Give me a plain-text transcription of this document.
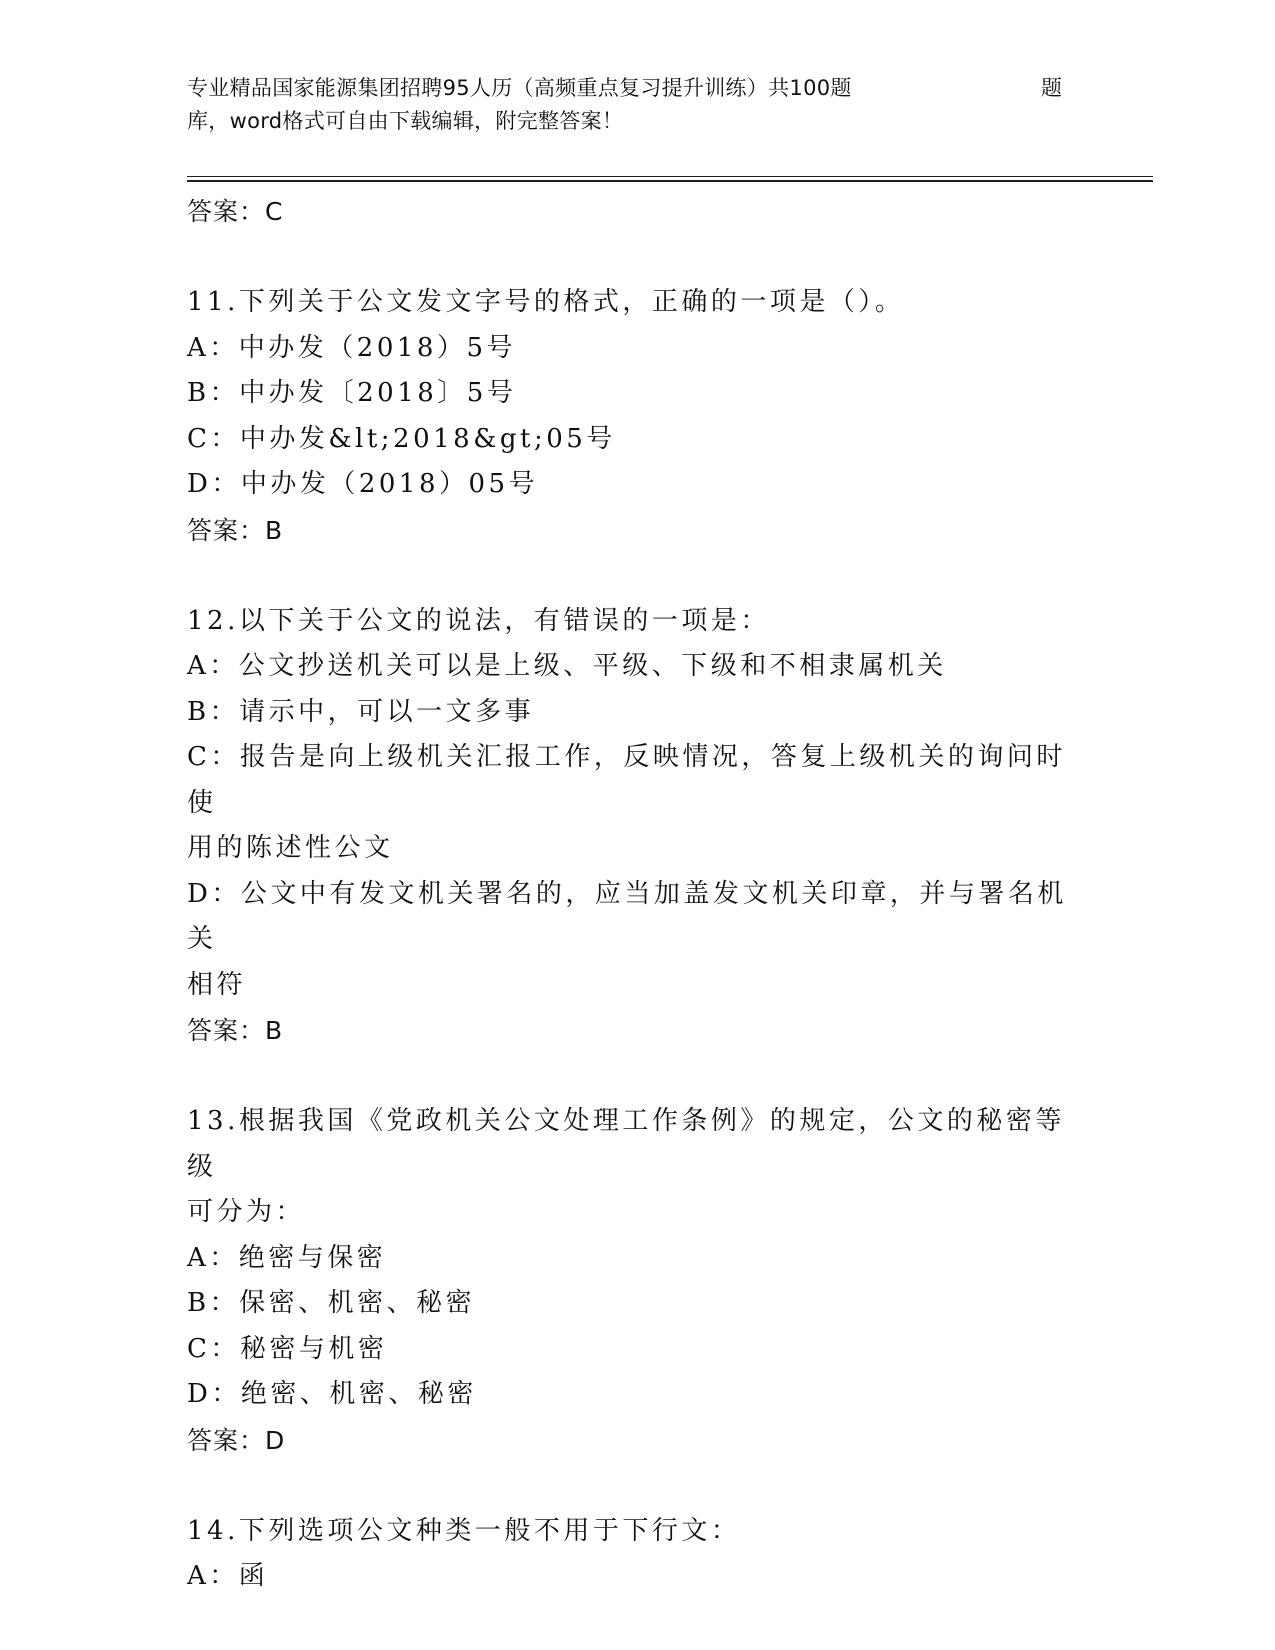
专业精品国家能源集团招聘95人历（高频重点复习提升训练）共100题	题
库，word格式可自由下载编辑，附完整答案！
答案：C
11.下列关于公文发文字号的格式，正确的一项是（）。
A：中办发（2018）5号
B：中办发〔2018〕5号
C：中办发&lt;2018&gt;05号
D：中办发（2018）05号
答案：B
12.以下关于公文的说法，有错误的一项是：
A：公文抄送机关可以是上级、平级、下级和不相隶属机关
B：请示中，可以一文多事
C：报告是向上级机关汇报工作，反映情况，答复上级机关的询问时使
用的陈述性公文
D：公文中有发文机关署名的，应当加盖发文机关印章，并与署名机关
相符
答案：B
13.根据我国《党政机关公文处理工作条例》的规定，公文的秘密等级
可分为：
A：绝密与保密
B：保密、机密、秘密
C：秘密与机密
D：绝密、机密、秘密
答案：D
14.下列选项公文种类一般不用于下行文：
A：函
